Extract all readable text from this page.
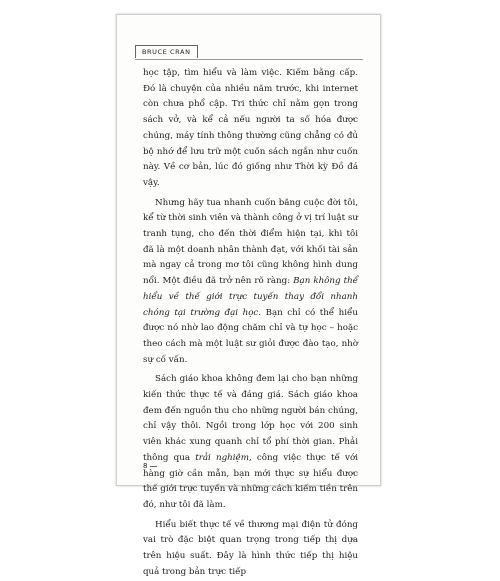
BRUCE CRAN

học tập, tìm hiểu và làm việc. Kiếm bằng cấp. Đó là chuyện của nhiều năm trước, khi internet còn chưa phổ cập. Tri thức chỉ nằm gọn trong sách vở, và kể cả nếu người ta số hóa được chúng, máy tính thông thường cũng chẳng có đủ bộ nhớ để lưu trữ một cuốn sách ngắn như cuốn này. Về cơ bản, lúc đó giống như Thời kỳ Đồ đá vậy.

Nhưng hãy tua nhanh cuốn băng cuộc đời tôi, kể từ thời sinh viên và thành công ở vị trí luật sư tranh tụng, cho đến thời điểm hiện tại, khi tôi đã là một doanh nhân thành đạt, với khối tài sản mà ngay cả trong mơ tôi cũng không hình dung nổi. Một điều đã trở nên rõ ràng: Bạn không thể hiểu về thế giới trực tuyến thay đổi nhanh chóng tại trường đại học. Bạn chỉ có thể hiểu được nó nhờ lao động chăm chỉ và tự học – hoặc theo cách mà một luật sư giỏi được đào tạo, nhờ sự cố vấn.

Sách giáo khoa không đem lại cho bạn những kiến thức thực tế và đáng giá. Sách giáo khoa đem đến nguồn thu cho những người bán chúng, chỉ vậy thôi. Ngồi trong lớp học với 200 sinh viên khác xung quanh chỉ tổ phí thời gian. Phải thông qua trải nghiệm, công việc thực tế với hàng giờ cần mẫn, bạn mới thực sự hiểu được thế giới trực tuyến và những cách kiếm tiền trên đó, như tôi đã làm.

Hiểu biết thực tế về thương mại điện tử đóng vai trò đặc biệt quan trọng trong tiếp thị dựa trên hiệu suất. Đây là hình thức tiếp thị hiệu quả trong bản trực tiếp

8
